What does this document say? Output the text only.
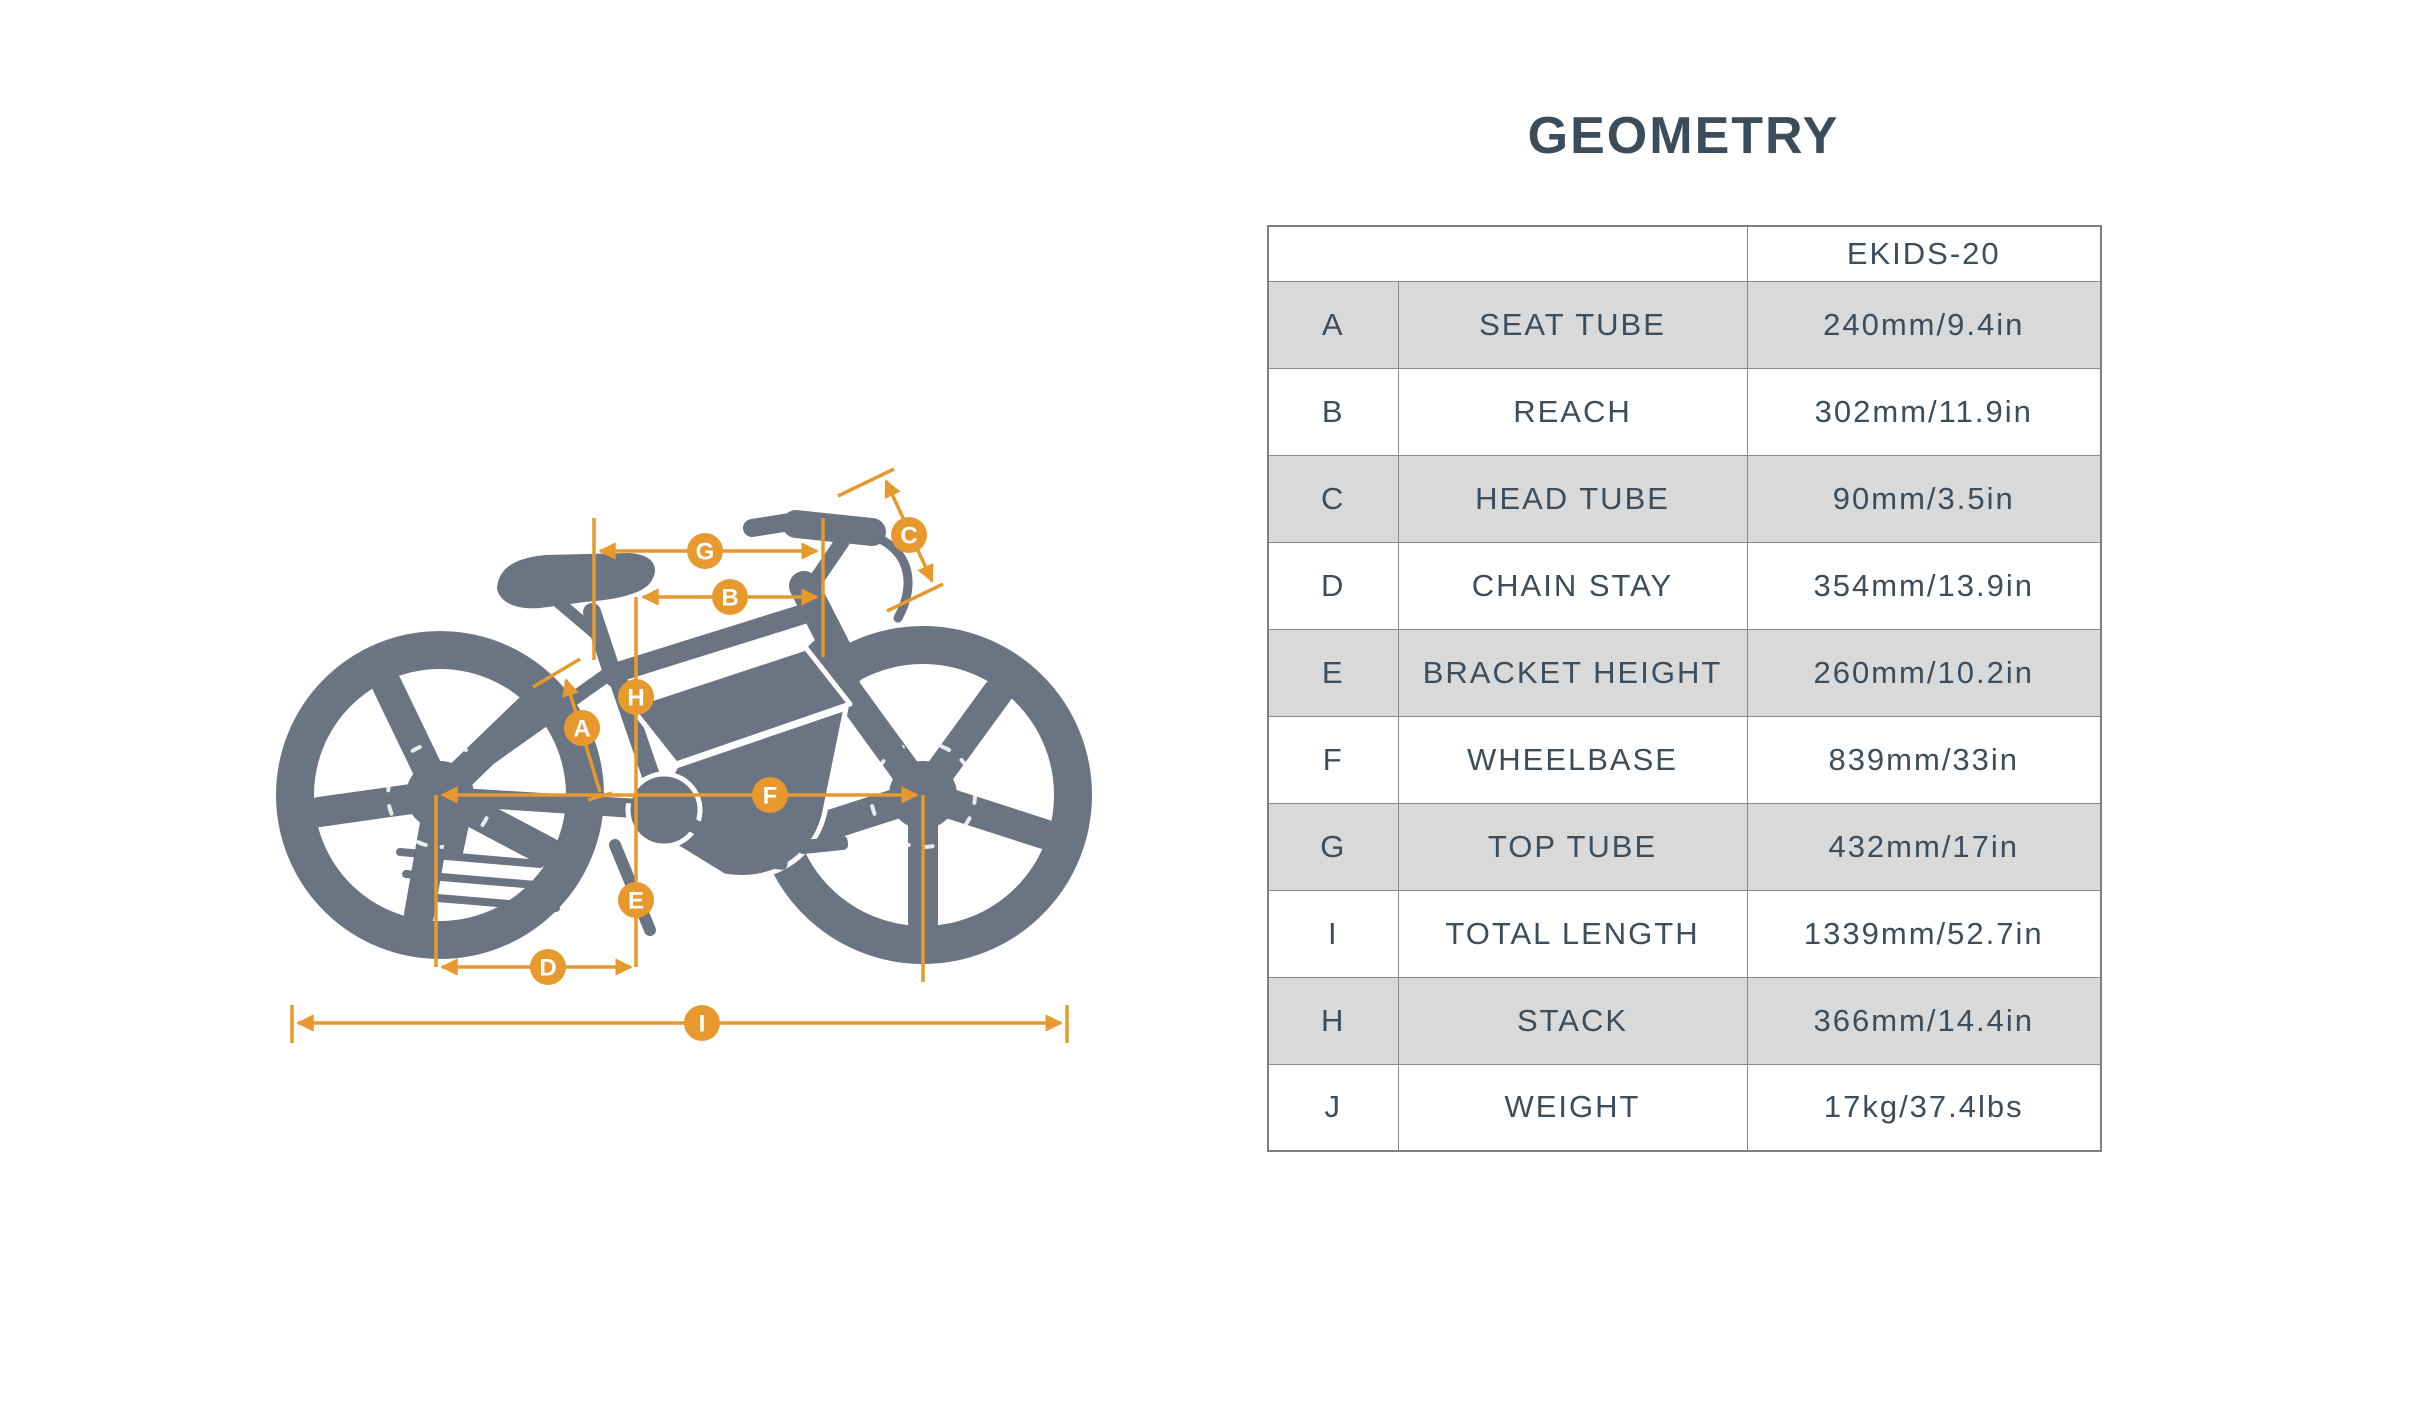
G
B
C
H
A
F
E
D
I
GEOMETRY
		EKIDS-20
A	SEAT TUBE	240mm/9.4in
B	REACH	302mm/11.9in
C	HEAD TUBE	90mm/3.5in
D	CHAIN STAY	354mm/13.9in
E	BRACKET HEIGHT	260mm/10.2in
F	WHEELBASE	839mm/33in
G	TOP TUBE	432mm/17in
I	TOTAL LENGTH	1339mm/52.7in
H	STACK	366mm/14.4in
J	WEIGHT	17kg/37.4lbs
